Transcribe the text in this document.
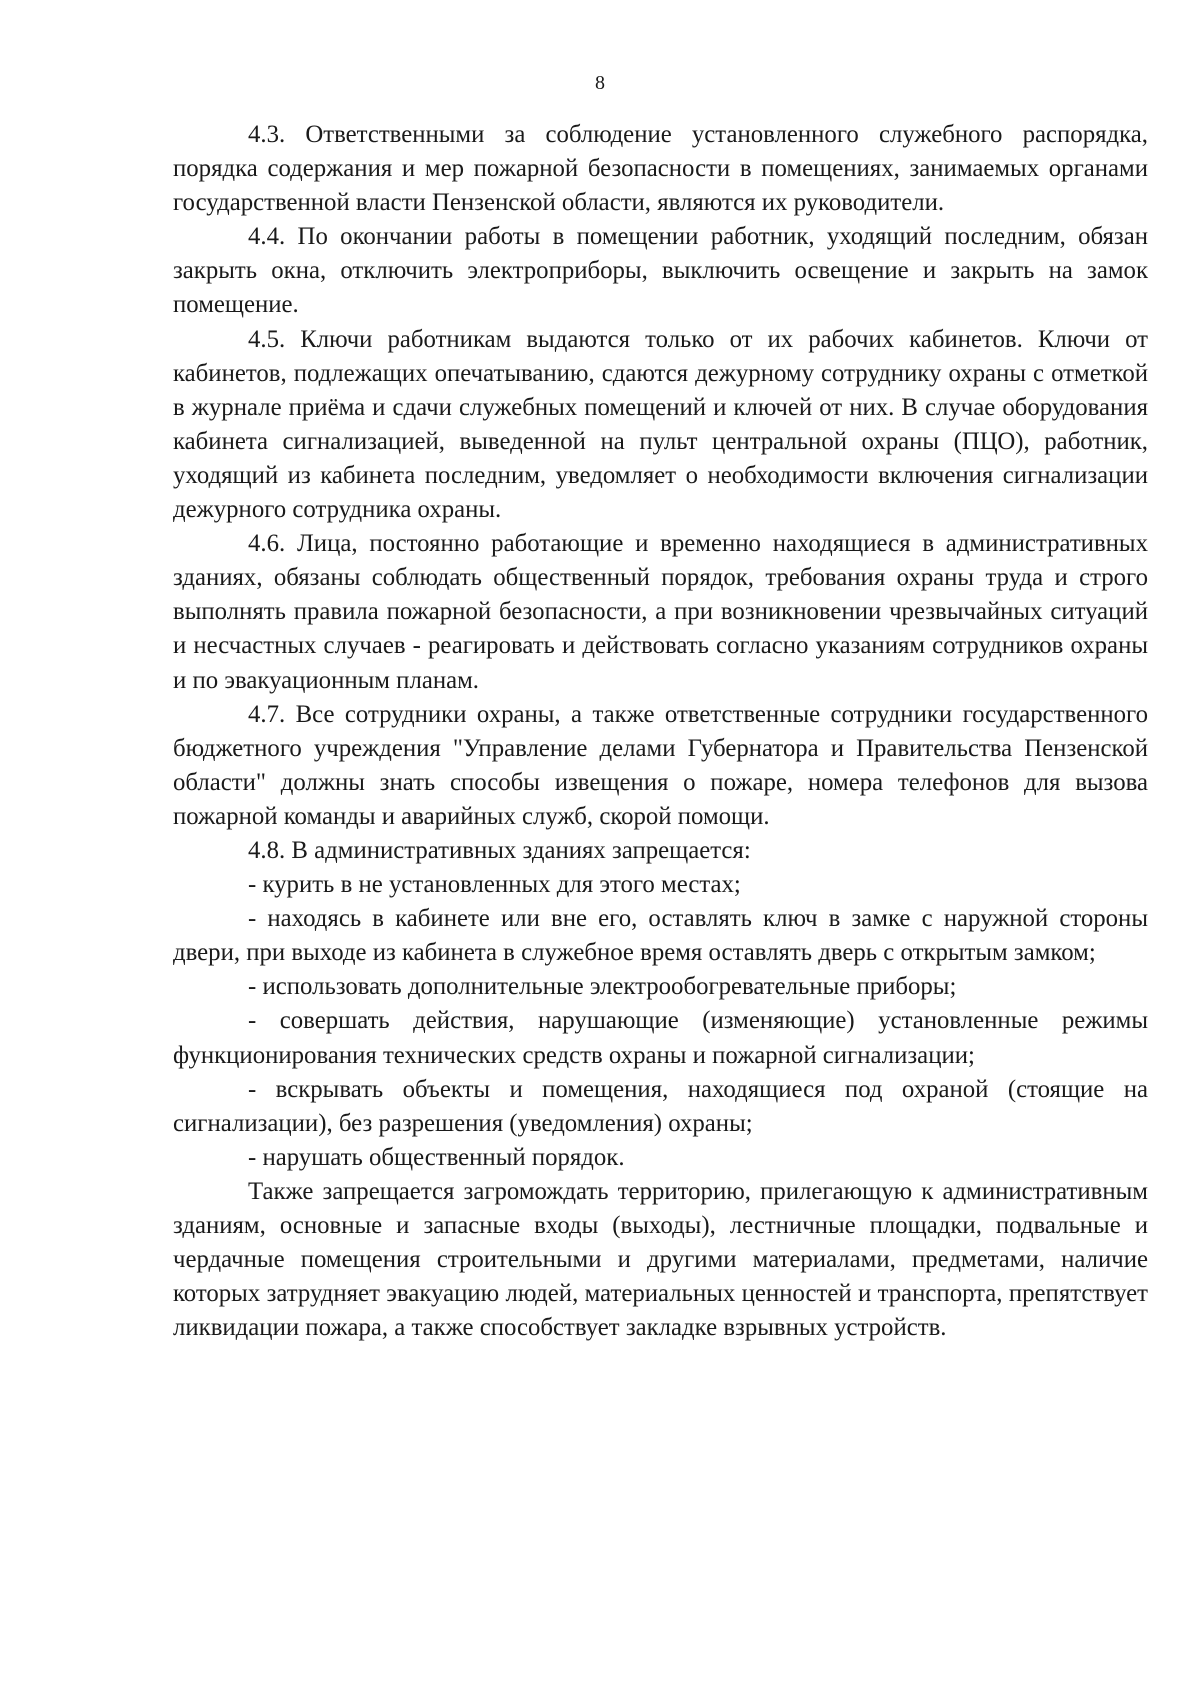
8

4.3. Ответственными за соблюдение установленного служебного распорядка, порядка содержания и мер пожарной безопасности в помещениях, занимаемых органами государственной власти Пензенской области, являются их руководители.

4.4. По окончании работы в помещении работник, уходящий последним, обязан закрыть окна, отключить электроприборы, выключить освещение и закрыть на замок помещение.

4.5. Ключи работникам выдаются только от их рабочих кабинетов. Ключи от кабинетов, подлежащих опечатыванию, сдаются дежурному сотруднику охраны с отметкой в журнале приёма и сдачи служебных помещений и ключей от них. В случае оборудования кабинета сигнализацией, выведенной на пульт центральной охраны (ПЦО), работник, уходящий из кабинета последним, уведомляет о необходимости включения сигнализации дежурного сотрудника охраны.

4.6. Лица, постоянно работающие и временно находящиеся в административных зданиях, обязаны соблюдать общественный порядок, требования охраны труда и строго выполнять правила пожарной безопасности, а при возникновении чрезвычайных ситуаций и несчастных случаев - реагировать и действовать согласно указаниям сотрудников охраны и по эвакуационным планам.

4.7. Все сотрудники охраны, а также ответственные сотрудники государственного бюджетного учреждения "Управление делами Губернатора и Правительства Пензенской области" должны знать способы извещения о пожаре, номера телефонов для вызова пожарной команды и аварийных служб, скорой помощи.

4.8. В административных зданиях запрещается:

- курить в не установленных для этого местах;

- находясь в кабинете или вне его, оставлять ключ в замке с наружной стороны двери, при выходе из кабинета в служебное время оставлять дверь с открытым замком;

- использовать дополнительные электрообогревательные приборы;

- совершать действия, нарушающие (изменяющие) установленные режимы функционирования технических средств охраны и пожарной сигнализации;

- вскрывать объекты и помещения, находящиеся под охраной (стоящие на сигнализации), без разрешения (уведомления) охраны;

- нарушать общественный порядок.

Также запрещается загромождать территорию, прилегающую к административным зданиям, основные и запасные входы (выходы), лестничные площадки, подвальные и чердачные помещения строительными и другими материалами, предметами, наличие которых затрудняет эвакуацию людей, материальных ценностей и транспорта, препятствует ликвидации пожара, а также способствует закладке взрывных устройств.
